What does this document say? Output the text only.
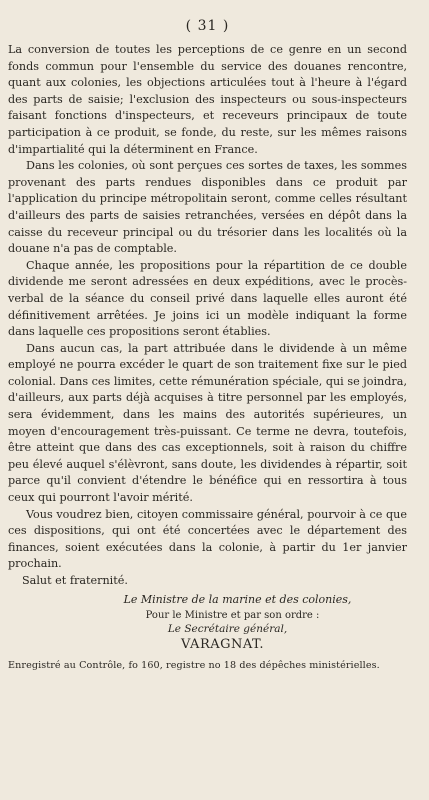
( 31 )

La conversion de toutes les perceptions de ce genre en un second fonds commun pour l'ensemble du service des douanes rencontre, quant aux colonies, les objections articulées tout à l'heure à l'égard des parts de saisie; l'exclusion des inspecteurs ou sous-inspecteurs faisant fonctions d'inspecteurs, et receveurs principaux de toute participation à ce produit, se fonde, du reste, sur les mêmes raisons d'impartialité qui la déterminent en France.

Dans les colonies, où sont perçues ces sortes de taxes, les sommes provenant des parts rendues disponibles dans ce produit par l'application du principe métropolitain seront, comme celles résultant d'ailleurs des parts de saisies retranchées, versées en dépôt dans la caisse du receveur principal ou du trésorier dans les localités où la douane n'a pas de comptable.

Chaque année, les propositions pour la répartition de ce double dividende me seront adressées en deux expéditions, avec le procès-verbal de la séance du conseil privé dans laquelle elles auront été définitivement arrêtées. Je joins ici un modèle indiquant la forme dans laquelle ces propositions seront établies.

Dans aucun cas, la part attribuée dans le dividende à un même employé ne pourra excéder le quart de son traitement fixe sur le pied colonial. Dans ces limites, cette rémunération spéciale, qui se joindra, d'ailleurs, aux parts déjà acquises à titre personnel par les employés, sera évidemment, dans les mains des autorités supérieures, un moyen d'encouragement très-puissant. Ce terme ne devra, toutefois, être atteint que dans des cas exceptionnels, soit à raison du chiffre peu élevé auquel s'élèvront, sans doute, les dividendes à répartir, soit parce qu'il convient d'étendre le bénéfice qui en ressortira à tous ceux qui pourront l'avoir mérité.

Vous voudrez bien, citoyen commissaire général, pourvoir à ce que ces dispositions, qui ont été concertées avec le département des finances, soient exécutées dans la colonie, à partir du 1er janvier prochain.

Salut et fraternité.

Le Ministre de la marine et des colonies,
Pour le Ministre et par son ordre :
Le Secrétaire général,
VARAGNAT.
Enregistré au Contrôle, fo 160, registre no 18 des dépêches ministérielles.
